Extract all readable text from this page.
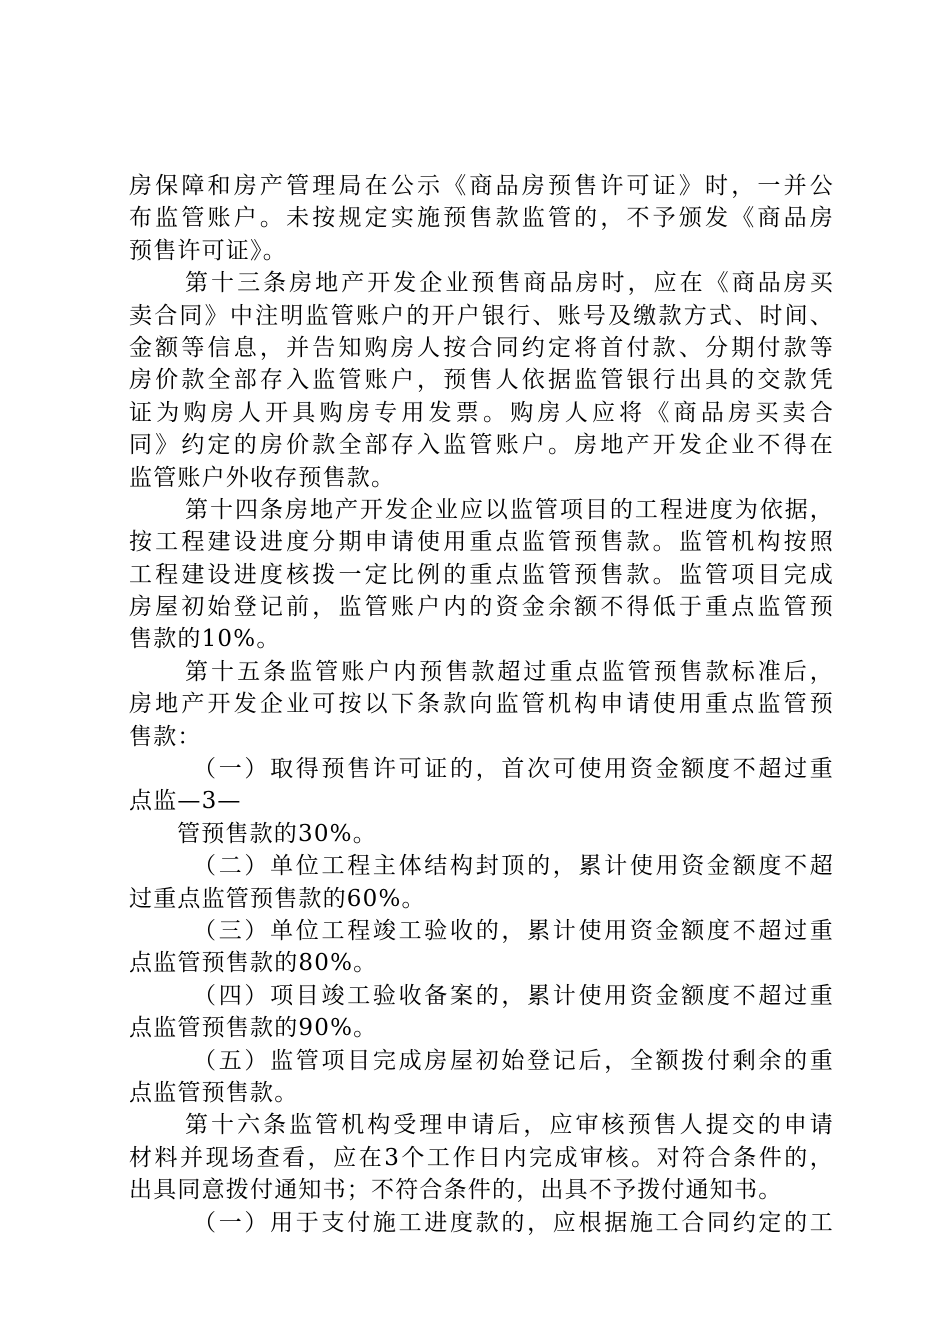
房保障和房产管理局在公示《商品房预售许可证》时，一并公
布监管账户。未按规定实施预售款监管的，不予颁发《商品房
预售许可证》。
第十三条房地产开发企业预售商品房时，应在《商品房买
卖合同》中注明监管账户的开户银行、账号及缴款方式、时间、
金额等信息，并告知购房人按合同约定将首付款、分期付款等
房价款全部存入监管账户，预售人依据监管银行出具的交款凭
证为购房人开具购房专用发票。购房人应将《商品房买卖合
同》约定的房价款全部存入监管账户。房地产开发企业不得在
监管账户外收存预售款。
第十四条房地产开发企业应以监管项目的工程进度为依据，
按工程建设进度分期申请使用重点监管预售款。监管机构按照
工程建设进度核拨一定比例的重点监管预售款。监管项目完成
房屋初始登记前，监管账户内的资金余额不得低于重点监管预
售款的10%。
第十五条监管账户内预售款超过重点监管预售款标准后，
房地产开发企业可按以下条款向监管机构申请使用重点监管预
售款：
（一）取得预售许可证的，首次可使用资金额度不超过重
点监—3—
管预售款的30%。
（二）单位工程主体结构封顶的，累计使用资金额度不超
过重点监管预售款的60%。
（三）单位工程竣工验收的，累计使用资金额度不超过重
点监管预售款的80%。
（四）项目竣工验收备案的，累计使用资金额度不超过重
点监管预售款的90%。
（五）监管项目完成房屋初始登记后，全额拨付剩余的重
点监管预售款。
第十六条监管机构受理申请后，应审核预售人提交的申请
材料并现场查看，应在3个工作日内完成审核。对符合条件的，
出具同意拨付通知书；不符合条件的，出具不予拨付通知书。
（一）用于支付施工进度款的，应根据施工合同约定的工
